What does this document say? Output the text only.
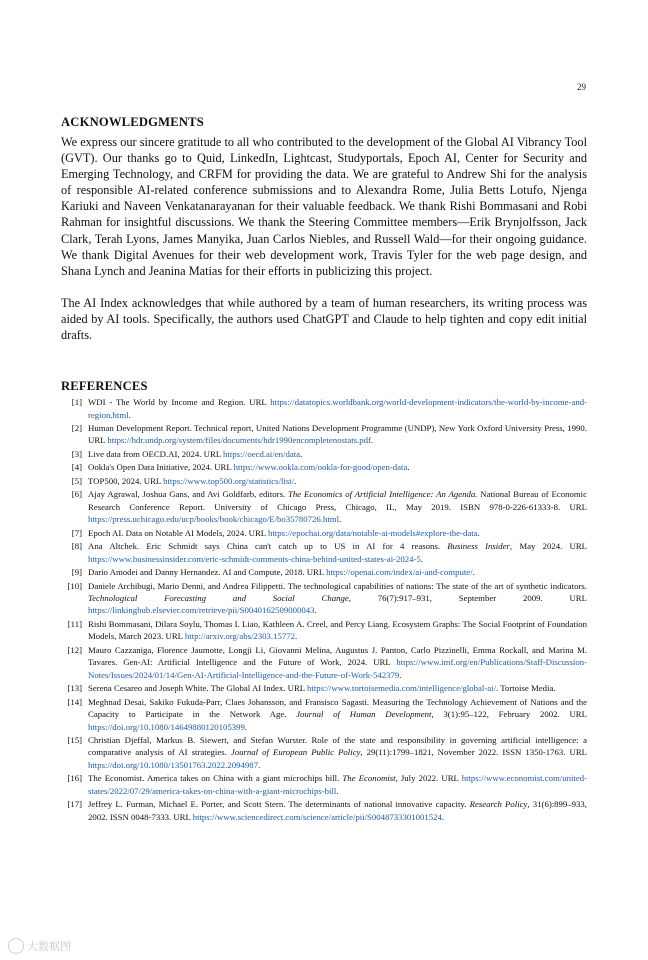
29
ACKNOWLEDGMENTS

We express our sincere gratitude to all who contributed to the development of the Global AI Vibrancy Tool (GVT). Our thanks go to Quid, LinkedIn, Lightcast, Studyportals, Epoch AI, Center for Security and Emerging Technology, and CRFM for providing the data. We are grateful to Andrew Shi for the analysis of responsible AI-related conference submissions and to Alexandra Rome, Julia Betts Lotufo, Njenga Kariuki and Naveen Venkatanarayanan for their valuable feedback. We thank Rishi Bommasani and Robi Rahman for insightful discussions. We thank the Steering Committee members—Erik Brynjolfsson, Jack Clark, Terah Lyons, James Manyika, Juan Carlos Niebles, and Russell Wald—for their ongoing guidance. We thank Digital Avenues for their web development work, Travis Tyler for the web page design, and Shana Lynch and Jeanina Matias for their efforts in publicizing this project.

The AI Index acknowledges that while authored by a team of human researchers, its writing process was aided by AI tools. Specifically, the authors used ChatGPT and Claude to help tighten and copy edit initial drafts.

REFERENCES
[1] WDI - The World by Income and Region. URL https://datatopics.worldbank.org/world-development-indicators/the-world-by-income-and-region.html.
[2] Human Development Report. Technical report, United Nations Development Programme (UNDP), New York Oxford University Press, 1990. URL https://hdr.undp.org/system/files/documents/hdr1990encompletenostats.pdf.
[3] Live data from OECD.AI, 2024. URL https://oecd.ai/en/data.
[4] Ookla's Open Data Initiative, 2024. URL https://www.ookla.com/ookla-for-good/open-data.
[5] TOP500, 2024. URL https://www.top500.org/statistics/list/.
[6] Ajay Agrawal, Joshua Gans, and Avi Goldfarb, editors. The Economics of Artificial Intelligence: An Agenda. National Bureau of Economic Research Conference Report. University of Chicago Press, Chicago, IL, May 2019. ISBN 978-0-226-61333-8. URL https://press.uchicago.edu/ucp/books/book/chicago/E/bo35780726.html.
[7] Epoch AI. Data on Notable AI Models, 2024. URL https://epochai.org/data/notable-ai-models#explore-the-data.
[8] Ana Altchek. Eric Schmidt says China can't catch up to US in AI for 4 reasons. Business Insider, May 2024. URL https://www.businessinsider.com/eric-schmidt-comments-china-behind-united-states-ai-2024-5.
[9] Dario Amodei and Danny Hernandez. AI and Compute, 2018. URL https://openai.com/index/ai-and-compute/.
[10] Daniele Archibugi, Mario Denni, and Andrea Filippetti. The technological capabilities of nations: The state of the art of synthetic indicators. Technological Forecasting and Social Change, 76(7):917–931, September 2009. URL https://linkinghub.elsevier.com/retrieve/pii/S0040162509000043.
[11] Rishi Bommasani, Dilara Soylu, Thomas I. Liao, Kathleen A. Creel, and Percy Liang. Ecosystem Graphs: The Social Footprint of Foundation Models, March 2023. URL http://arxiv.org/abs/2303.15772.
[12] Mauro Cazzaniga, Florence Jaumotte, Longji Li, Giovanni Melina, Augustus J. Panton, Carlo Pizzinelli, Emma Rockall, and Marina M. Tavares. Gen-AI: Artificial Intelligence and the Future of Work, 2024. URL https://www.imf.org/en/Publications/Staff-Discussion-Notes/Issues/2024/01/14/Gen-AI-Artificial-Intelligence-and-the-Future-of-Work-542379.
[13] Serena Cesareo and Joseph White. The Global AI Index. URL https://www.tortoisemedia.com/intelligence/global-ai/. Tortoise Media.
[14] Meghnad Desai, Sakiko Fukuda-Parr, Claes Johansson, and Fransisco Sagasti. Measuring the Technology Achievement of Nations and the Capacity to Participate in the Network Age. Journal of Human Development, 3(1):95–122, February 2002. URL https://doi.org/10.1080/14649880120105399.
[15] Christian Djeffal, Markus B. Siewert, and Stefan Wurster. Role of the state and responsibility in governing artificial intelligence: a comparative analysis of AI strategies. Journal of European Public Policy, 29(11):1799–1821, November 2022. ISSN 1350-1763. URL https://doi.org/10.1080/13501763.2022.2094987.
[16] The Economist. America takes on China with a giant microchips bill. The Economist, July 2022. URL https://www.economist.com/united-states/2022/07/29/america-takes-on-china-with-a-giant-microchips-bill.
[17] Jeffrey L. Furman, Michael E. Porter, and Scott Stern. The determinants of national innovative capacity. Research Policy, 31(6):899–933, 2002. ISSN 0048-7333. URL https://www.sciencedirect.com/science/article/pii/S0048733301001524.
大数据图
